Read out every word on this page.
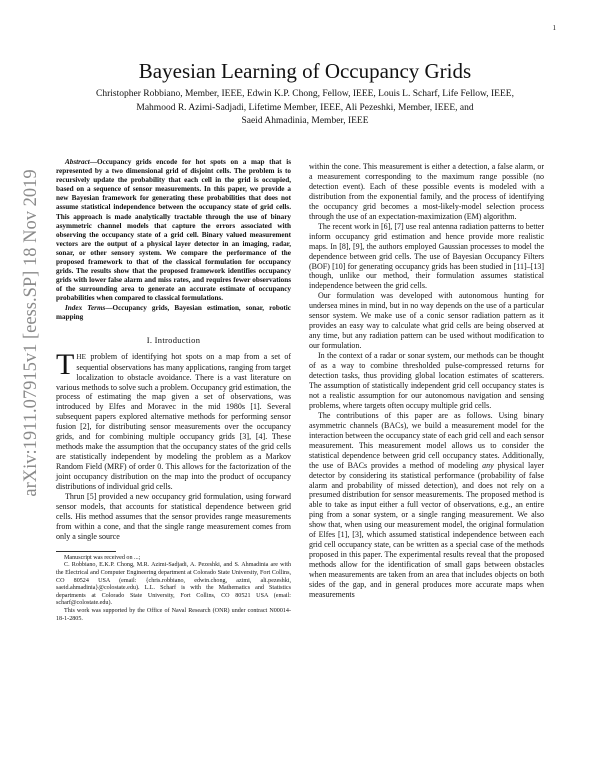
1
arXiv:1911.07915v1 [eess.SP] 18 Nov 2019
Bayesian Learning of Occupancy Grids
Christopher Robbiano, Member, IEEE, Edwin K.P. Chong, Fellow, IEEE, Louis L. Scharf, Life Fellow, IEEE,
Mahmood R. Azimi-Sadjadi, Lifetime Member, IEEE, Ali Pezeshki, Member, IEEE, and
Saeid Ahmadinia, Member, IEEE

Abstract—Occupancy grids encode for hot spots on a map that is represented by a two dimensional grid of disjoint cells. The problem is to recursively update the probability that each cell in the grid is occupied, based on a sequence of sensor measurements. In this paper, we provide a new Bayesian framework for generating these probabilities that does not assume statistical independence between the occupancy state of grid cells. This approach is made analytically tractable through the use of binary asymmetric channel models that capture the errors associated with observing the occupancy state of a grid cell. Binary valued measurement vectors are the output of a physical layer detector in an imaging, radar, sonar, or other sensory system. We compare the performance of the proposed framework to that of the classical formulation for occupancy grids. The results show that the proposed framework identifies occupancy grids with lower false alarm and miss rates, and requires fewer observations of the surrounding area to generate an accurate estimate of occupancy probabilities when compared to classical formulations.

Index Terms—Occupancy grids, Bayesian estimation, sonar, robotic mapping

I. Introduction

THE problem of identifying hot spots on a map from a set of sequential observations has many applications, ranging from target localization to obstacle avoidance. There is a vast literature on various methods to solve such a problem. Occupancy grid estimation, the process of estimating the map given a set of observations, was introduced by Elfes and Moravec in the mid 1980s [1]. Several subsequent papers explored alternative methods for performing sensor fusion [2], for distributing sensor measurements over the occupancy grids, and for combining multiple occupancy grids [3], [4]. These methods make the assumption that the occupancy states of the grid cells are statistically independent by modeling the problem as a Markov Random Field (MRF) of order 0. This allows for the factorization of the joint occupancy distribution on the map into the product of occupancy distributions of individual grid cells.

Thrun [5] provided a new occupancy grid formulation, using forward sensor models, that accounts for statistical dependence between grid cells. His method assumes that the sensor provides range measurements from within a cone, and that the single range measurement comes from only a single source

Manuscript was received on ...;

C. Robbiano, E.K.P. Chong, M.R. Azimi-Sadjadi, A. Pezeshki, and S. Ahmadinia are with the Electrical and Computer Engineering department at Colorado State University, Fort Collins, CO 80524 USA (email: {chris.robbiano, edwin.chong, azimi, ali.pezeshki, saeid.ahmadinia}@colostate.edu). L.L. Scharf is with the Mathematics and Statistics departments at Colorado State University, Fort Collins, CO 80521 USA (email: scharf@colostate.edu).

This work was supported by the Office of Naval Research (ONR) under contract N00014-18-1-2805.

within the cone. This measurement is either a detection, a false alarm, or a measurement corresponding to the maximum range possible (no detection event). Each of these possible events is modeled with a distribution from the exponential family, and the process of identifying the occupancy grid becomes a most-likely-model selection process through the use of an expectation-maximization (EM) algorithm.

The recent work in [6], [7] use real antenna radiation patterns to better inform occupancy grid estimation and hence provide more realistic maps. In [8], [9], the authors employed Gaussian processes to model the dependence between grid cells. The use of Bayesian Occupancy Filters (BOF) [10] for generating occupancy grids has been studied in [11]–[13] though, unlike our method, their formulation assumes statistical independence between the grid cells.

Our formulation was developed with autonomous hunting for undersea mines in mind, but in no way depends on the use of a particular sensor system. We make use of a conic sensor radiation pattern as it provides an easy way to calculate what grid cells are being observed at any time, but any radiation pattern can be used without modification to our formulation.

In the context of a radar or sonar system, our methods can be thought of as a way to combine thresholded pulse-compressed returns for detection tasks, thus providing global location estimates of scatterers. The assumption of statistically independent grid cell occupancy states is not a realistic assumption for our autonomous navigation and sensing problems, where targets often occupy multiple grid cells.

The contributions of this paper are as follows. Using binary asymmetric channels (BACs), we build a measurement model for the interaction between the occupancy state of each grid cell and each sensor measurement. This measurement model allows us to consider the statistical dependence between grid cell occupancy states. Additionally, the use of BACs provides a method of modeling any physical layer detector by considering its statistical performance (probability of false alarm and probability of missed detection), and does not rely on a presumed distribution for sensor measurements. The proposed method is able to take as input either a full vector of observations, e.g., an entire ping from a sonar system, or a single ranging measurement. We also show that, when using our measurement model, the original formulation of Elfes [1], [3], which assumed statistical independence between each grid cell occupancy state, can be written as a special case of the methods proposed in this paper. The experimental results reveal that the proposed methods allow for the identification of small gaps between obstacles when measurements are taken from an area that includes objects on both sides of the gap, and in general produces more accurate maps when measurements
